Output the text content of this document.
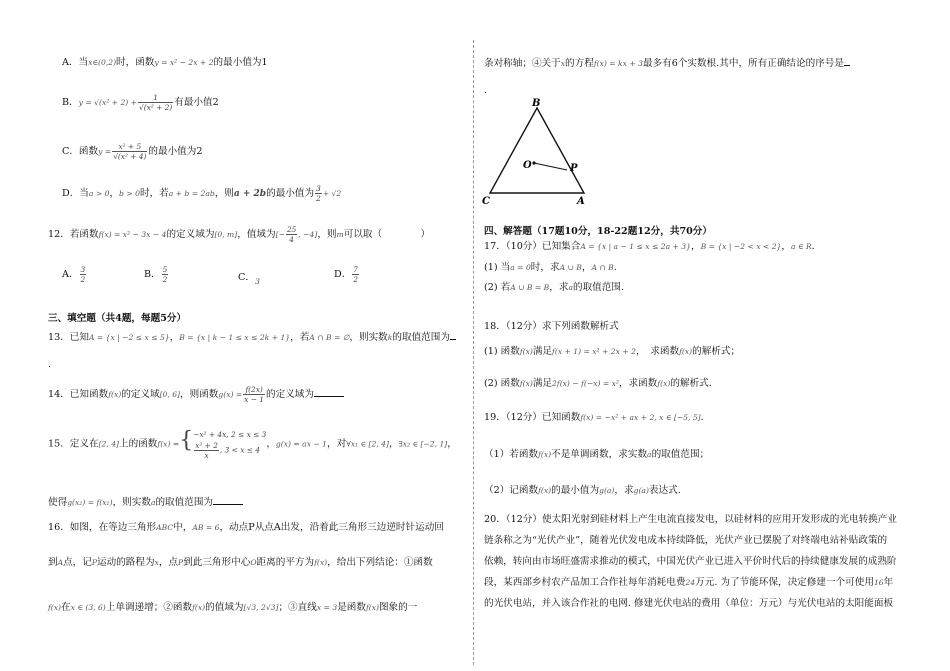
A．当x∈(0,2)时，函数y = x² − 2x + 2的最小值为1
B．$y = √(x^2 + 2) + \frac{1}{\text{√(x² + 2)}}$ 有最小值2
C．函数$y = \frac{\text{x² + 5}}{\text{√(x² + 4)}}$ 的最小值为2
D．当a > 0，b > 0时，若a + b = 2ab，则a + 2b的最小值为 $\frac{3}{2} + √2$
12．若函数f(x) = x² − 3x − 4的定义域为[0, m]，值域为[− $\frac{25}{4}$ , −4]，则m可以取（　　　　）
A． $\frac{3}{2}$	B． $\frac{5}{2}$	C．$_3$
D． $\frac{7}{2}$
三、填空题（共4题，每题5分）
13．已知A = {x | −2 ≤ x ≤ 5}，B = {x | k − 1 ≤ x ≤ 2k + 1}，若A ∩ B = ∅，则实数k的取值范围为
.
14．已知函数f(x)的定义域[0, 6]，则函数$g(x) = \frac{f(2x)}{x - 1}$ 的定义域为
15．定义在[2, 4]上的函数f(x) ={ −x² + 4x, 2 ≤ x ≤ 3
$\frac{\text{x² + 2}}{x}$ , 3 < x ≤ 4
，g(x) = ax − 1，对∀x₁ ∈ [2, 4]，∃x₂ ∈ [−2, 1]，
使得g(x₂) = f(x₁)，则实数a的取值范围为
16．如图，在等边三角形ABC中，AB = 6，动点P从点A出发，沿着此三角形三边逆时针运动回
到A点，记P运动的路程为x，点P到此三角形中心O距离的平方为f(x)，给出下列结论：①函数
f(x)在x ∈ (3, 6)上单调递增；②函数f(x)的值域为[√3, 2√3]；③直线x = 3是函数f(x)图象的一
条对称轴；④关于x的方程f(x) = kx + 3最多有6个实数根.其中，所有正确结论的序号是
.
B
C	A
O	P
四、解答题（17题10分，18-22题12分，共70分）
17．（10分）已知集合A = {x | a − 1 ≤ x ≤ 2a + 3}，B = {x | −2 < x < 2}，a ∈ R.
(1) 当a = 0时，求A ∪ B，A ∩ B.
(2) 若A ∪ B = B，求a的取值范围.
18．（12分）求下列函数解析式
(1) 函数f(x)满足f(x + 1) = x² + 2x + 2，　求函数f(x)的解析式；
(2) 函数f(x)满足2f(x) − f(−x) = x²，求函数f(x)的解析式.
19．（12分）已知函数f(x) = −x² + ax + 2, x ∈ [−5, 5].
（1）若函数f(x)不是单调函数，求实数a的取值范围；
（2）记函数f(x)的最小值为g(a)，求g(a)表达式.
20．（12分）使太阳光射到硅材料上产生电流直接发电，以硅材料的应用开发形成的光电转换产业
链条称之为“光伏产业”，随着光伏发电成本持续降低，光伏产业已摆脱了对终端电站补贴政策的
依赖，转向由市场旺盛需求推动的模式，中国光伏产业已进入平价时代后的持续健康发展的成熟阶
段，某西部乡村农产品加工合作社每年消耗电费24万元. 为了节能环保，决定修建一个可使用16年
的光伏电站，并入该合作社的电网. 修建光伏电站的费用（单位：万元）与光伏电站的太阳能面板
